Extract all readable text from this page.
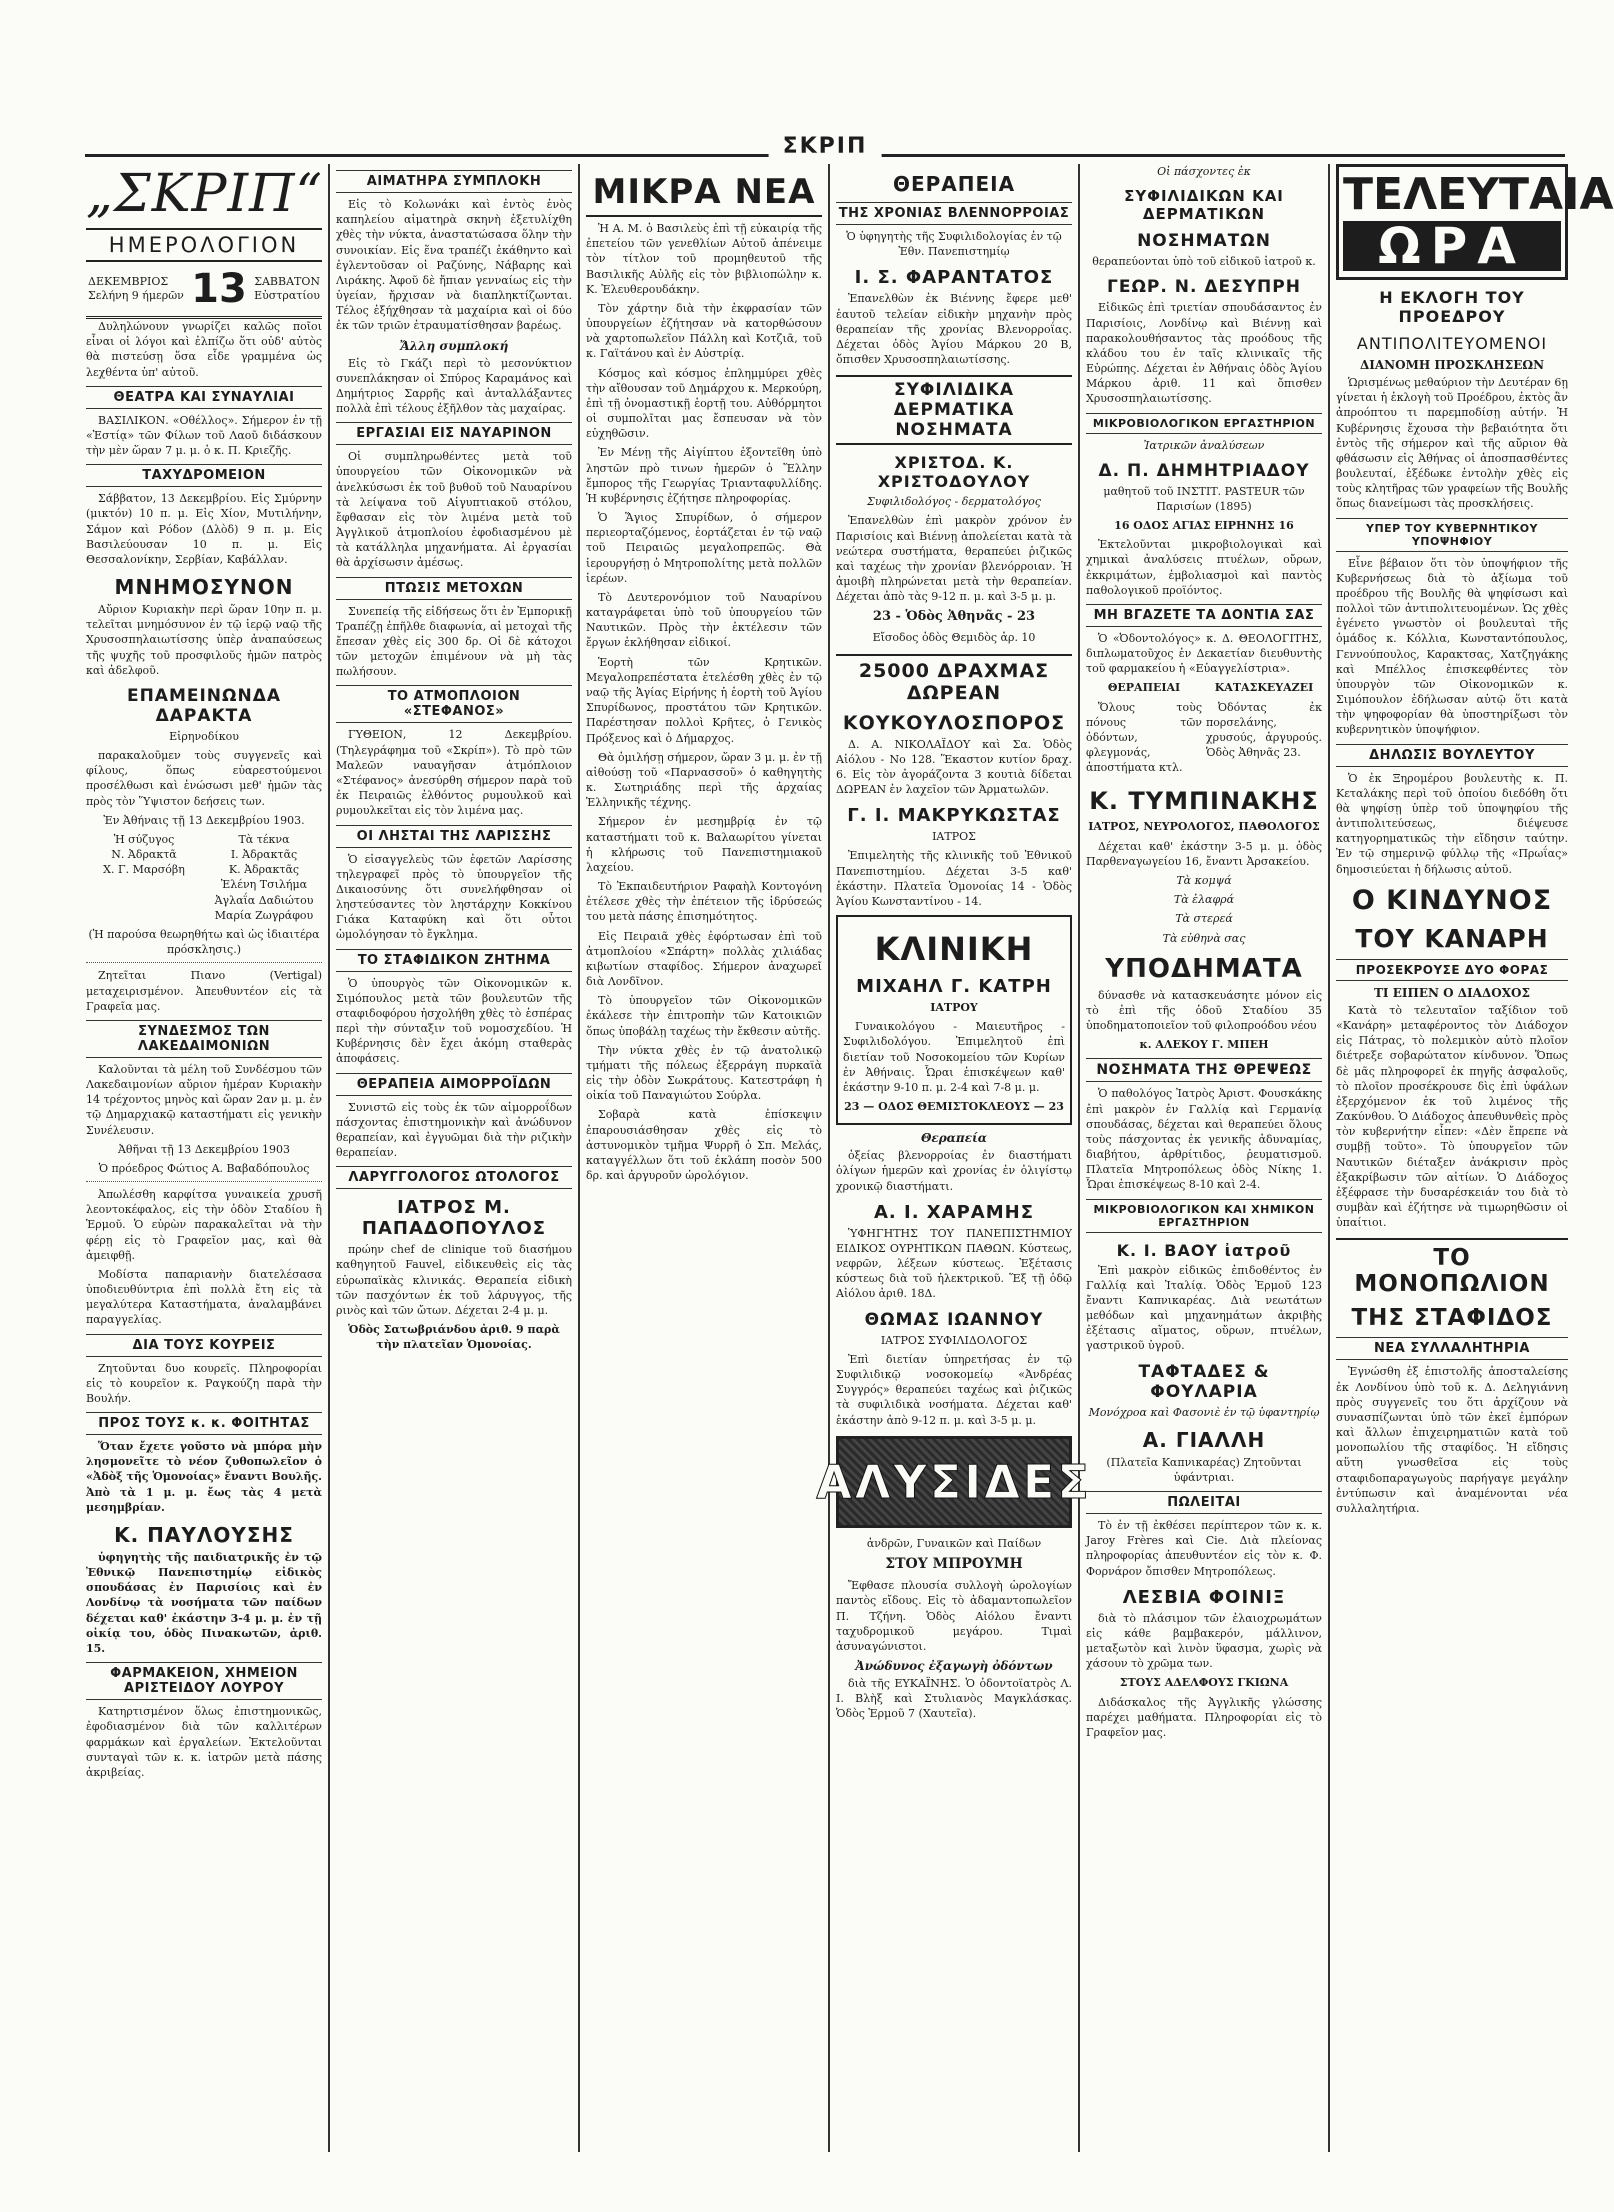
ΣΚΡΙΠ
„ΣΚΡΙΠ“
ΗΜΕΡΟΛΟΓΙΟΝ
ΔΕΚΕΜΒΡΙΟΣ
Σελήνη 9 ήμερῶν 13 ΣΑΒΒΑΤΟΝ
Εὐστρατίου

Δυληλώνουν γνωρίζει καλῶς ποῖοι εἶναι οἱ λόγοι καὶ ἐλπίζω ὅτι οὐδ' αὐτὸς θὰ πιστεύσῃ ὅσα εἶδε γραμμένα ὡς λεχθέντα ὑπ' αὐτοῦ.

ΘΕΑΤΡΑ ΚΑΙ ΣΥΝΑΥΛΙΑΙ

ΒΑΣΙΛΙΚΟΝ. «Οθέλλος». Σήμερον ἐν τῇ «Ἑστίᾳ» τῶν Φίλων τοῦ Λαοῦ διδάσκουν τὴν μὲν ὥραν 7 μ. μ. ὁ κ. Π. Κριεζῆς.

ΤΑΧΥΔΡΟΜΕΙΟΝ

Σάββατον, 13 Δεκεμβρίου. Εἰς Σμύρνην (μικτόν) 10 π. μ. Εἰς Χίον, Μυτιλήνην, Σάμον καὶ Ρόδον (Δλὸδ) 9 π. μ. Εἰς Βασιλεύουσαν 10 π. μ. Εἰς Θεσσαλονίκην, Σερβίαν, Καβάλλαν.

ΜΝΗΜΟΣΥΝΟΝ

Αὔριον Κυριακὴν περὶ ὥραν 10ην π. μ. τελεῖται μνημόσυνον ἐν τῷ ἱερῷ ναῷ τῆς Χρυσοσπηλαιωτίσσης ὑπὲρ ἀναπαύσεως τῆς ψυχῆς τοῦ προσφιλοῦς ἡμῶν πατρὸς καὶ ἀδελφοῦ.

ΕΠΑΜΕΙΝΩΝΔΑ ΔΑΡΑΚΤΑ

Εἰρηνοδίκου

παρακαλοῦμεν τοὺς συγγενεῖς καὶ φίλους, ὅπως εὐαρεστούμενοι προσέλθωσι καὶ ἑνώσωσι μεθ' ἡμῶν τὰς πρὸς τὸν Ὕψιστον δεήσεις των.

Ἐν Ἀθήναις τῇ 13 Δεκεμβρίου 1903.

Ἡ σύζυγος
Ν. Ἀδρακτᾶ
Χ. Γ. Μαρσόβη

Τὰ τέκνα
Ι. Ἀδρακτᾶς
Κ. Ἀδρακτᾶς
Ἐλένη Τσιλήμα
Ἀγλαΐα Δαδιώτου
Μαρία Ζωγράφου

(Ἡ παρούσα θεωρηθήτω καὶ ὡς ἰδιαιτέρα πρόσκλησις.)

Ζητεῖται Πιανο (Vertigal) μεταχειρισμένον. Ἀπευθυντέον εἰς τὰ Γραφεῖα μας.

ΣΥΝΔΕΣΜΟΣ ΤΩΝ ΛΑΚΕΔΑΙΜΟΝΙΩΝ

Καλοῦνται τὰ μέλη τοῦ Συνδέσμου τῶν Λακεδαιμονίων αὔριον ἡμέραν Κυριακὴν 14 τρέχοντος μηνὸς καὶ ὥραν 2αν μ. μ. ἐν τῷ Δημαρχιακῷ καταστήματι εἰς γενικὴν Συνέλευσιν.

Ἀθῆναι τῇ 13 Δεκεμβρίου 1903

Ὁ πρόεδρος Φώτιος Α. Βαβαδόπουλος

Ἀπωλέσθη καρφίτσα γυναικεία χρυσῆ λεοντοκέφαλος, εἰς τὴν ὁδὸν Σταδίου ἢ Ἑρμοῦ. Ὁ εὑρὼν παρακαλεῖται νὰ τὴν φέρῃ εἰς τὸ Γραφεῖον μας, καὶ θὰ ἀμειφθῇ.

Μοδίστα παπαριανὴν διατελέσασα ὑποδιευθύντρια ἐπὶ πολλὰ ἔτη εἰς τὰ μεγαλύτερα Καταστήματα, ἀναλαμβάνει παραγγελίας.

ΔΙΑ ΤΟΥΣ ΚΟΥΡΕΙΣ

Ζητοῦνται δυο κουρεῖς. Πληροφορίαι εἰς τὸ κουρεῖον κ. Ραγκούζη παρὰ τὴν Βουλήν.

ΠΡΟΣ ΤΟΥΣ κ. κ. ΦΟΙΤΗΤΑΣ

Ὅταν ἔχετε γοῦστο νὰ μπόρα μὴν λησμονεῖτε τὸ νέον ζυθοπωλεῖον ὁ «Ἀδὸξ τῆς Ὁμονοίας» ἔναντι Βουλῆς. Ἀπὸ τὰ 1 μ. μ. ἔως τὰς 4 μετὰ μεσημβρίαν.

Κ. ΠΑΥΛΟΥΣΗΣ

ὑφηγητὴς τῆς παιδιατρικῆς ἐν τῷ Ἐθνικῷ Πανεπιστημίῳ εἰδικὸς σπουδάσας ἐν Παρισίοις καὶ ἐν Λονδίνῳ τὰ νοσήματα τῶν παίδων δέχεται καθ' ἑκάστην 3-4 μ. μ. ἐν τῇ οἰκίᾳ του, ὁδὸς Πινακωτῶν, ἀριθ. 15.

ΦΑΡΜΑΚΕΙΟΝ, ΧΗΜΕΙΟΝ ΑΡΙΣΤΕΙΔΟΥ ΛΟΥΡΟΥ

Κατηρτισμένον ὅλως ἐπιστημονικῶς, ἐφοδιασμένον διὰ τῶν καλλιτέρων φαρμάκων καὶ ἐργαλείων. Ἐκτελοῦνται συνταγαὶ τῶν κ. κ. ἰατρῶν μετὰ πάσης ἀκριβείας.

ΑΙΜΑΤΗΡΑ ΣΥΜΠΛΟΚΗ

Εἰς τὸ Κολωνάκι καὶ ἐντὸς ἑνὸς καπηλείου αἱματηρὰ σκηνὴ ἐξετυλίχθη χθὲς τὴν νύκτα, ἀναστατώσασα ὅλην τὴν συνοικίαν. Εἰς ἕνα τραπέζι ἐκάθηντο καὶ ἐγλεντοῦσαν οἱ Ραζύνης, Νάβαρης καὶ Λιράκης. Ἀφοῦ δὲ ἤπιαν γενναίως εἰς τὴν ὑγείαν, ἤρχισαν νὰ διαπληκτίζωνται. Τέλος ἐξήχθησαν τὰ μαχαίρια καὶ οἱ δύο ἐκ τῶν τριῶν ἐτραυματίσθησαν βαρέως.

Ἄλλη συμπλοκή

Εἰς τὸ Γκάζι περὶ τὸ μεσονύκτιον συνεπλάκησαν οἱ Σπύρος Καραμάνος καὶ Δημήτριος Σαρρῆς καὶ ἀνταλλάξαντες πολλὰ ἐπὶ τέλους ἐξῆλθον τὰς μαχαίρας.

ΕΡΓΑΣΙΑΙ ΕΙΣ ΝΑΥΑΡΙΝΟΝ

Οἱ συμπληρωθέντες μετὰ τοῦ ὑπουργείου τῶν Οἰκονομικῶν νὰ ἀνελκύσωσι ἐκ τοῦ βυθοῦ τοῦ Ναυαρίνου τὰ λείψανα τοῦ Αἰγυπτιακοῦ στόλου, ἔφθασαν εἰς τὸν λιμένα μετὰ τοῦ Ἀγγλικοῦ ἀτμοπλοίου ἐφοδιασμένου μὲ τὰ κατάλληλα μηχανήματα. Αἱ ἐργασίαι θὰ ἀρχίσωσιν ἀμέσως.

ΠΤΩΣΙΣ ΜΕΤΟΧΩΝ

Συνεπείᾳ τῆς εἰδήσεως ὅτι ἐν Ἐμπορικῇ Τραπέζῃ ἐπῆλθε διαφωνία, αἱ μετοχαὶ τῆς ἔπεσαν χθὲς εἰς 300 δρ. Οἱ δὲ κάτοχοι τῶν μετοχῶν ἐπιμένουν νὰ μὴ τὰς πωλήσουν.

ΤΟ ΑΤΜΟΠΛΟΙΟΝ «ΣΤΕΦΑΝΟΣ»

ΓΥΘΕΙΟΝ, 12 Δεκεμβρίου. (Τηλεγράφημα τοῦ «Σκρίπ»). Τὸ πρὸ τῶν Μαλεῶν ναυαγῆσαν ἀτμόπλοιον «Στέφανος» ἀνεσύρθη σήμερον παρὰ τοῦ ἐκ Πειραιῶς ἐλθόντος ρυμουλκοῦ καὶ ρυμουλκεῖται εἰς τὸν λιμένα μας.

ΟΙ ΛΗΣΤΑΙ ΤΗΣ ΛΑΡΙΣΣΗΣ

Ὁ εἰσαγγελεὺς τῶν ἐφετῶν Λαρίσσης τηλεγραφεῖ πρὸς τὸ ὑπουργεῖον τῆς Δικαιοσύνης ὅτι συνελήφθησαν οἱ ληστεύσαντες τὸν ληστάρχην Κοκκίνου Γιάκα Καταφύκη καὶ ὅτι οὗτοι ὡμολόγησαν τὸ ἔγκλημα.

ΤΟ ΣΤΑΦΙΔΙΚΟΝ ΖΗΤΗΜΑ

Ὁ ὑπουργὸς τῶν Οἰκονομικῶν κ. Σιμόπουλος μετὰ τῶν βουλευτῶν τῆς σταφιδοφόρου ἠσχολήθη χθὲς τὸ ἑσπέρας περὶ τὴν σύνταξιν τοῦ νομοσχεδίου. Ἡ Κυβέρνησις δὲν ἔχει ἀκόμη σταθερὰς ἀποφάσεις.

ΘΕΡΑΠΕΙΑ ΑΙΜΟΡΡΟΪΔΩΝ

Συνιστῶ εἰς τοὺς ἐκ τῶν αἱμορροΐδων πάσχοντας ἐπιστημονικὴν καὶ ἀνώδυνον θεραπείαν, καὶ ἐγγυῶμαι διὰ τὴν ριζικὴν θεραπείαν.

ΛΑΡΥΓΓΟΛΟΓΟΣ ΩΤΟΛΟΓΟΣ
ΙΑΤΡΟΣ Μ. ΠΑΠΑΔΟΠΟΥΛΟΣ

πρώην chef de clinique τοῦ διασήμου καθηγητοῦ Fauvel, εἰδικευθεὶς εἰς τὰς εὐρωπαϊκὰς κλινικάς. Θεραπεία εἰδικὴ τῶν πασχόντων ἐκ τοῦ λάρυγγος, τῆς ρινὸς καὶ τῶν ὤτων. Δέχεται 2-4 μ. μ.

Ὁδὸς Σατωβριάνδου ἀριθ. 9 παρὰ τὴν πλατεῖαν Ὁμονοίας.

ΜΙΚΡΑ ΝΕΑ

Ἡ Α. Μ. ὁ Βασιλεὺς ἐπὶ τῇ εὐκαιρίᾳ τῆς ἐπετείου τῶν γενεθλίων Αὐτοῦ ἀπένειμε τὸν τίτλον τοῦ προμηθευτοῦ τῆς Βασιλικῆς Αὐλῆς εἰς τὸν βιβλιοπώλην κ. Κ. Ἐλευθερουδάκην.

Τὸν χάρτην διὰ τὴν ἐκφρασίαν τῶν ὑπουργείων ἐζήτησαν νὰ κατορθώσουν νὰ χαρτοπωλεῖον Πάλλη καὶ Κοτζιᾶ, τοῦ κ. Γαϊτάνου καὶ ἐν Αὐστρίᾳ.

Κόσμος καὶ κόσμος ἐπλημμύρει χθὲς τὴν αἴθουσαν τοῦ Δημάρχου κ. Μερκούρη, ἐπὶ τῇ ὀνομαστικῇ ἑορτῇ του. Αὐθόρμητοι οἱ συμπολῖται μας ἔσπευσαν νὰ τὸν εὐχηθῶσιν.

Ἐν Μένῃ τῆς Αἰγίπτου ἐξοντεῖθη ὑπὸ ληστῶν πρὸ τινων ἡμερῶν ὁ Ἕλλην ἔμπορος τῆς Γεωργίας Τριανταφυλλίδης. Ἡ κυβέρνησις ἐζήτησε πληροφορίας.

Ὁ Ἅγιος Σπυρίδων, ὁ σήμερον περιεορταζόμενος, ἑορτάζεται ἐν τῷ ναῷ τοῦ Πειραιῶς μεγαλοπρεπῶς. Θὰ ἱερουργήσῃ ὁ Μητροπολίτης μετὰ πολλῶν ἱερέων.

Τὸ Δευτερονόμιον τοῦ Ναυαρίνου καταγράφεται ὑπὸ τοῦ ὑπουργείου τῶν Ναυτικῶν. Πρὸς τὴν ἐκτέλεσιν τῶν ἔργων ἐκλήθησαν εἰδικοί.

Ἑορτὴ τῶν Κρητικῶν. Μεγαλοπρεπέστατα ἐτελέσθη χθὲς ἐν τῷ ναῷ τῆς Ἁγίας Εἰρήνης ἡ ἑορτὴ τοῦ Ἁγίου Σπυρίδωνος, προστάτου τῶν Κρητικῶν. Παρέστησαν πολλοὶ Κρῆτες, ὁ Γενικὸς Πρόξενος καὶ ὁ Δήμαρχος.

Θὰ ὁμιλήσῃ σήμερον, ὥραν 3 μ. μ. ἐν τῇ αἰθούσῃ τοῦ «Παρνασσοῦ» ὁ καθηγητὴς κ. Σωτηριάδης περὶ τῆς ἀρχαίας Ἑλληνικῆς τέχνης.

Σήμερον ἐν μεσημβρίᾳ ἐν τῷ καταστήματι τοῦ κ. Βαλαωρίτου γίνεται ἡ κλήρωσις τοῦ Πανεπιστημιακοῦ λαχείου.

Τὸ Ἐκπαιδευτήριον Ραφαὴλ Κοντογόνη ἐτέλεσε χθὲς τὴν ἐπέτειον τῆς ἱδρύσεώς του μετὰ πάσης ἐπισημότητος.

Εἰς Πειραιᾶ χθὲς ἐφόρτωσαν ἐπὶ τοῦ ἀτμοπλοίου «Σπάρτη» πολλὰς χιλιάδας κιβωτίων σταφίδος. Σήμερον ἀναχωρεῖ διὰ Λονδῖνον.

Τὸ ὑπουργεῖον τῶν Οἰκονομικῶν ἐκάλεσε τὴν ἐπιτροπὴν τῶν Κατοικιῶν ὅπως ὑποβάλῃ ταχέως τὴν ἔκθεσιν αὐτῆς.

Τὴν νύκτα χθὲς ἐν τῷ ἀνατολικῷ τμήματι τῆς πόλεως ἐξερράγη πυρκαϊὰ εἰς τὴν ὁδὸν Σωκράτους. Κατεστράφη ἡ οἰκία τοῦ Παναγιώτου Σούρλα.

Σοβαρὰ κατὰ ἐπίσκεψιν ἐπαρουσιάσθησαν χθὲς εἰς τὸ ἀστυνομικὸν τμῆμα Ψυρρῆ ὁ Σπ. Μελάς, καταγγέλλων ὅτι τοῦ ἐκλάπη ποσὸν 500 δρ. καὶ ἀργυροῦν ὡρολόγιον.

ΘΕΡΑΠΕΙΑ
ΤΗΣ ΧΡΟΝΙΑΣ ΒΛΕΝΝΟΡΡΟΙΑΣ

Ὁ ὑφηγητὴς τῆς Συφιλιδολογίας ἐν τῷ Ἐθν. Πανεπιστημίῳ

Ι. Σ. ΦΑΡΑΝΤΑΤΟΣ

Ἐπανελθὼν ἐκ Βιέννης ἔφερε μεθ' ἑαυτοῦ τελείαν εἰδικὴν μηχανὴν πρὸς θεραπείαν τῆς χρονίας Βλενορροΐας. Δέχεται ὁδὸς Ἁγίου Μάρκου 20 Β, ὄπισθεν Χρυσοσπηλαιωτίσσης.

ΣΥΦΙΛΙΔΙΚΑ ΔΕΡΜΑΤΙΚΑ ΝΟΣΗΜΑΤΑ
ΧΡΙΣΤΟΔ. Κ. ΧΡΙΣΤΟΔΟΥΛΟΥ

Συφιλιδολόγος - δερματολόγος

Ἐπανελθὼν ἐπὶ μακρὸν χρόνον ἐν Παρισίοις καὶ Βιέννῃ ἀπολείεται κατὰ τὰ νεώτερα συστήματα, θεραπεύει ῥιζικῶς καὶ ταχέως τὴν χρονίαν βλενόρροιαν. Ἡ ἀμοιβὴ πληρώνεται μετὰ τὴν θεραπείαν. Δέχεται ἀπὸ τὰς 9-12 π. μ. καὶ 3-5 μ. μ.

23 - Ὁδὸς Ἀθηνᾶς - 23

Εἴσοδος ὁδὸς Θεμιδὸς ἀρ. 10

25000 ΔΡΑΧΜΑΣ ΔΩΡΕΑΝ
ΚΟΥΚΟΥΛΟΣΠΟΡΟΣ

Δ. Α. ΝΙΚΟΛΑΪΔΟΥ καὶ Σα. Ὁδὸς Αἰόλου - Νο 128. Ἕκαστον κυτίον δραχ. 6. Εἰς τὸν ἀγοράζοντα 3 κουτιὰ δίδεται ΔΩΡΕΑΝ ἐν λαχεῖον τῶν Ἀρματωλῶν.

Γ. Ι. ΜΑΚΡΥΚΩΣΤΑΣ

ΙΑΤΡΟΣ

Ἐπιμελητὴς τῆς κλινικῆς τοῦ Ἐθνικοῦ Πανεπιστημίου. Δέχεται 3-5 καθ' ἑκάστην. Πλατεῖα Ὁμονοίας 14 - Ὁδὸς Ἁγίου Κωνσταντίνου - 14.

ΚΛΙΝΙΚΗ
ΜΙΧΑΗΛ Γ. ΚΑΤΡΗ

ΙΑΤΡΟΥ

Γυναικολόγου - Μαιευτῆρος - Συφιλιδολόγου. Ἐπιμελητοῦ ἐπὶ διετίαν τοῦ Νοσοκομείου τῶν Κυρίων ἐν Ἀθήναις. Ὧραι ἐπισκέψεων καθ' ἑκάστην 9-10 π. μ. 2-4 καὶ 7-8 μ. μ.

23 — ΟΔΟΣ ΘΕΜΙΣΤΟΚΛΕΟΥΣ — 23

Θεραπεία

ὀξείας βλενορροίας ἐν διαστήματι ὀλίγων ἡμερῶν καὶ χρονίας ἐν ὀλιγίστῳ χρονικῷ διαστήματι.

Α. Ι. ΧΑΡΑΜΗΣ

ὙΦΗΓΗΤΗΣ ΤΟΥ ΠΑΝΕΠΙΣΤΗΜΙΟΥ ΕΙΔΙΚΟΣ ΟΥΡΗΤΙΚΩΝ ΠΑΘΩΝ. Κύστεως, νεφρῶν, λέξεων κύστεως. Ἐξέτασις κύστεως διὰ τοῦ ἠλεκτρικοῦ. Ἕξ τῇ ὁδῷ Αἰόλου ἀριθ. 18Δ.

ΘΩΜΑΣ ΙΩΑΝΝΟΥ

ΙΑΤΡΟΣ ΣΥΦΙΛΙΔΟΛΟΓΟΣ

Ἐπὶ διετίαν ὑπηρετήσας ἐν τῷ Συφιλιδικῷ νοσοκομείῳ «Ἀνδρέας Συγγρός» θεραπεύει ταχέως καὶ ῥιζικῶς τὰ συφιλιδικὰ νοσήματα. Δέχεται καθ' ἑκάστην ἀπὸ 9-12 π. μ. καὶ 3-5 μ. μ.

ΑΛΥΣΙΔΕΣ

ἀνδρῶν, Γυναικῶν καὶ Παίδων

ΣΤΟΥ ΜΠΡΟΥΜΗ

Ἔφθασε πλουσία συλλογὴ ὡρολογίων παντὸς εἴδους. Εἰς τὸ ἀδαμαντοπωλεῖον Π. Τζήνη. Ὁδὸς Αἰόλου ἔναντι ταχυδρομικοῦ μεγάρου. Τιμαὶ ἀσυναγώνιστοι.

Ἀνώδυνος ἐξαγωγὴ ὀδόντων

διὰ τῆς ΕΥΚΑΪΝΗΣ. Ὁ ὀδοντοϊατρὸς Λ. Ι. Βλὴξ καὶ Στυλιανὸς Μαγκλάσκας. Ὁδὸς Ἑρμοῦ 7 (Χαυτεῖα).

Οἱ πάσχοντες ἐκ

ΣΥΦΙΛΙΔΙΚΩΝ ΚΑΙ ΔΕΡΜΑΤΙΚΩΝ
ΝΟΣΗΜΑΤΩΝ

θεραπεύονται ὑπὸ τοῦ εἰδικοῦ ἰατροῦ κ.

ΓΕΩΡ. Ν. ΔΕΣΥΠΡΗ

Εἰδικῶς ἐπὶ τριετίαν σπουδάσαντος ἐν Παρισίοις, Λονδίνῳ καὶ Βιέννῃ καὶ παρακολουθήσαντος τὰς προόδους τῆς κλάδου του ἐν ταῖς κλινικαῖς τῆς Εὐρώπης. Δέχεται ἐν Ἀθήναις ὁδὸς Ἁγίου Μάρκου ἀριθ. 11 καὶ ὄπισθεν Χρυσοσπηλαιωτίσσης.

ΜΙΚΡΟΒΙΟΛΟΓΙΚΟΝ ΕΡΓΑΣΤΗΡΙΟΝ

Ἰατρικῶν ἀναλύσεων

Δ. Π. ΔΗΜΗΤΡΙΑΔΟΥ

μαθητοῦ τοῦ ΙΝΣΤΙΤ. PASTEUR τῶν Παρισίων (1895)

16 ΟΔΟΣ ΑΓΙΑΣ ΕΙΡΗΝΗΣ 16

Ἐκτελοῦνται μικροβιολογικαὶ καὶ χημικαὶ ἀναλύσεις πτυέλων, οὔρων, ἐκκριμάτων, ἐμβολιασμοὶ καὶ παντὸς παθολογικοῦ προϊόντος.

ΜΗ ΒΓΑΖΕΤΕ ΤΑ ΔΟΝΤΙΑ ΣΑΣ

Ὁ «Ὀδοντολόγος» κ. Δ. ΘΕΟΛΟΓΙΤΗΣ, διπλωματοῦχος ἐν Δεκαετίαν διευθυντὴς τοῦ φαρμακείου ἡ «Εὐαγγελίστρια».

ΘΕΡΑΠΕΙΑΙ

Ὅλους τοὺς πόνους τῶν ὀδόντων, φλεγμονάς, ἀποστήματα κτλ.

ΚΑΤΑΣΚΕΥΑΖΕΙ

Ὀδόντας ἐκ πορσελάνης, χρυσούς, ἀργυρούς. Ὁδὸς Ἀθηνᾶς 23.

Κ. ΤΥΜΠΙΝΑΚΗΣ

ΙΑΤΡΟΣ, ΝΕΥΡΟΛΟΓΟΣ, ΠΑΘΟΛΟΓΟΣ

Δέχεται καθ' ἑκάστην 3-5 μ. μ. ὁδὸς Παρθεναγωγείου 16, ἔναντι Ἀρσακείου.

Τὰ κομψά

Τὰ ἐλαφρά

Τὰ στερεά

Τὰ εὐθηνὰ σας

ΥΠΟΔΗΜΑΤΑ

δύνασθε νὰ κατασκευάσητε μόνον εἰς τὸ ἐπὶ τῆς ὁδοῦ Σταδίου 35 ὑποδηματοποιεῖον τοῦ φιλοπροόδου νέου

κ. ΑΛΕΚΟΥ Γ. ΜΠΕΗ

ΝΟΣΗΜΑΤΑ ΤΗΣ ΘΡΕΨΕΩΣ

Ὁ παθολόγος Ἰατρὸς Ἀριστ. Φουσκάκης ἐπὶ μακρὸν ἐν Γαλλίᾳ καὶ Γερμανίᾳ σπουδάσας, δέχεται καὶ θεραπεύει ὅλους τοὺς πάσχοντας ἐκ γενικῆς ἀδυναμίας, διαβήτου, ἀρθρίτιδος, ῥευματισμοῦ. Πλατεῖα Μητροπόλεως ὁδὸς Νίκης 1. Ὧραι ἐπισκέψεως 8-10 καὶ 2-4.

ΜΙΚΡΟΒΙΟΛΟΓΙΚΟΝ ΚΑΙ ΧΗΜΙΚΟΝ ΕΡΓΑΣΤΗΡΙΟΝ
Κ. Ι. ΒΑΟΥ ἰατροῦ

Ἐπὶ μακρὸν εἰδικῶς ἐπιδοθέντος ἐν Γαλλίᾳ καὶ Ἰταλίᾳ. Ὁδὸς Ἑρμοῦ 123 ἔναντι Καπνικαρέας. Διὰ νεωτάτων μεθόδων καὶ μηχανημάτων ἀκριβὴς ἐξέτασις αἵματος, οὔρων, πτυέλων, γαστρικοῦ ὑγροῦ.

ΤΑΦΤΑΔΕΣ & ΦΟΥΛΑΡΙΑ

Μονόχροα καὶ Φασονιὲ ἐν τῷ ὑφαντηρίῳ

Α. ΓΙΑΛΛΗ

(Πλατεῖα Καπνικαρέας) Ζητοῦνται ὑφάντριαι.

ΠΩΛΕΙΤΑΙ

Τὸ ἐν τῇ ἐκθέσει περίπτερον τῶν κ. κ. Jaroy Frères καὶ Cie. Διὰ πλείονας πληροφορίας ἀπευθυντέον εἰς τὸν κ. Φ. Φορνάρον ὄπισθεν Μητροπόλεως.

ΛΕΣΒΙΑ ΦΟΙΝΙΞ

διὰ τὸ πλάσιμον τῶν ἐλαιοχρωμάτων εἰς κάθε βαμβακερόν, μάλλινον, μεταξωτὸν καὶ λινὸν ὕφασμα, χωρὶς νὰ χάσουν τὸ χρῶμα των.

ΣΤΟΥΣ ΑΔΕΛΦΟΥΣ ΓΚΙΩΝΑ

Διδάσκαλος τῆς Ἀγγλικῆς γλώσσης παρέχει μαθήματα. Πληροφορίαι εἰς τὸ Γραφεῖον μας.

ΤΕΛΕΥΤΑΙΑ
ΩΡΑ
Η ΕΚΛΟΓΗ ΤΟΥ ΠΡΟΕΔΡΟΥ
ΑΝΤΙΠΟΛΙΤΕΥΟΜΕΝΟΙ
ΔΙΑΝΟΜΗ ΠΡΟΣΚΛΗΣΕΩΝ

Ὡρισμένως μεθαύριον τὴν Δευτέραν 6ῃ γίνεται ἡ ἐκλογὴ τοῦ Προέδρου, ἐκτὸς ἂν ἀπροόπτου τι παρεμποδίσῃ αὐτήν. Ἡ Κυβέρνησις ἔχουσα τὴν βεβαιότητα ὅτι ἐντὸς τῆς σήμερον καὶ τῆς αὔριον θὰ φθάσωσιν εἰς Ἀθήνας οἱ ἀποσπασθέντες βουλευταί, ἐξέδωκε ἐντολὴν χθὲς εἰς τοὺς κλητῆρας τῶν γραφείων τῆς Βουλῆς ὅπως διανείμωσι τὰς προσκλήσεις.

ΥΠΕΡ ΤΟΥ ΚΥΒΕΡΝΗΤΙΚΟΥ ΥΠΟΨΗΦΙΟΥ

Εἶνε βέβαιον ὅτι τὸν ὑποψήφιον τῆς Κυβερνήσεως διὰ τὸ ἀξίωμα τοῦ προέδρου τῆς Βουλῆς θὰ ψηφίσωσι καὶ πολλοὶ τῶν ἀντιπολιτευομένων. Ὡς χθὲς ἐγένετο γνωστὸν οἱ βουλευταὶ τῆς ὁμάδος κ. Κόλλια, Κωνσταντόπουλος, Γεννούπουλος, Καρακτσας, Χατζηγάκης καὶ Μπέλλος ἐπισκεφθέντες τὸν ὑπουργὸν τῶν Οἰκονομικῶν κ. Σιμόπουλον ἐδήλωσαν αὐτῷ ὅτι κατὰ τὴν ψηφοφορίαν θὰ ὑποστηρίξωσι τὸν κυβερνητικὸν ὑποψήφιον.

ΔΗΛΩΣΙΣ ΒΟΥΛΕΥΤΟΥ

Ὁ ἐκ Ξηρομέρου βουλευτὴς κ. Π. Κεταλάκης περὶ τοῦ ὁποίου διεδόθη ὅτι θὰ ψηφίσῃ ὑπὲρ τοῦ ὑποψηφίου τῆς ἀντιπολιτεύσεως, διέψευσε κατηγορηματικῶς τὴν εἴδησιν ταύτην. Ἐν τῷ σημερινῷ φύλλῳ τῆς «Πρωΐας» δημοσιεύεται ἡ δήλωσις αὐτοῦ.

Ο ΚΙΝΔΥΝΟΣ
ΤΟΥ ΚΑΝΑΡΗ
ΠΡΟΣΕΚΡΟΥΣΕ ΔΥΟ ΦΟΡΑΣ
ΤΙ ΕΙΠΕΝ Ο ΔΙΑΔΟΧΟΣ

Κατὰ τὸ τελευταῖον ταξίδιον τοῦ «Κανάρη» μεταφέροντος τὸν Διάδοχον εἰς Πάτρας, τὸ πολεμικὸν αὐτὸ πλοῖον διέτρεξε σοβαρώτατον κίνδυνον. Ὅπως δὲ μᾶς πληροφορεῖ ἐκ πηγῆς ἀσφαλοῦς, τὸ πλοῖον προσέκρουσε δὶς ἐπὶ ὑφάλων ἐξερχόμενον ἐκ τοῦ λιμένος τῆς Ζακύνθου. Ὁ Διάδοχος ἀπευθυνθεὶς πρὸς τὸν κυβερνήτην εἶπεν: «Δὲν ἔπρεπε νὰ συμβῇ τοῦτο». Τὸ ὑπουργεῖον τῶν Ναυτικῶν διέταξεν ἀνάκρισιν πρὸς ἐξακρίβωσιν τῶν αἰτίων. Ὁ Διάδοχος ἐξέφρασε τὴν δυσαρέσκειάν του διὰ τὸ συμβὰν καὶ ἐζήτησε νὰ τιμωρηθῶσιν οἱ ὑπαίτιοι.

ΤΟ ΜΟΝΟΠΩΛΙΟΝ
ΤΗΣ ΣΤΑΦΙΔΟΣ
ΝΕΑ ΣΥΛΛΑΛΗΤΗΡΙΑ

Ἐγνώσθη ἐξ ἐπιστολῆς ἀποσταλείσης ἐκ Λονδίνου ὑπὸ τοῦ κ. Δ. Δεληγιάννη πρὸς συγγενεῖς του ὅτι ἀρχίζουν νὰ συνασπίζωνται ὑπὸ τῶν ἐκεῖ ἐμπόρων καὶ ἄλλων ἐπιχειρηματιῶν κατὰ τοῦ μονοπωλίου τῆς σταφίδος. Ἡ εἴδησις αὕτη γνωσθεῖσα εἰς τοὺς σταφιδοπαραγωγοὺς παρήγαγε μεγάλην ἐντύπωσιν καὶ ἀναμένονται νέα συλλαλητήρια.
